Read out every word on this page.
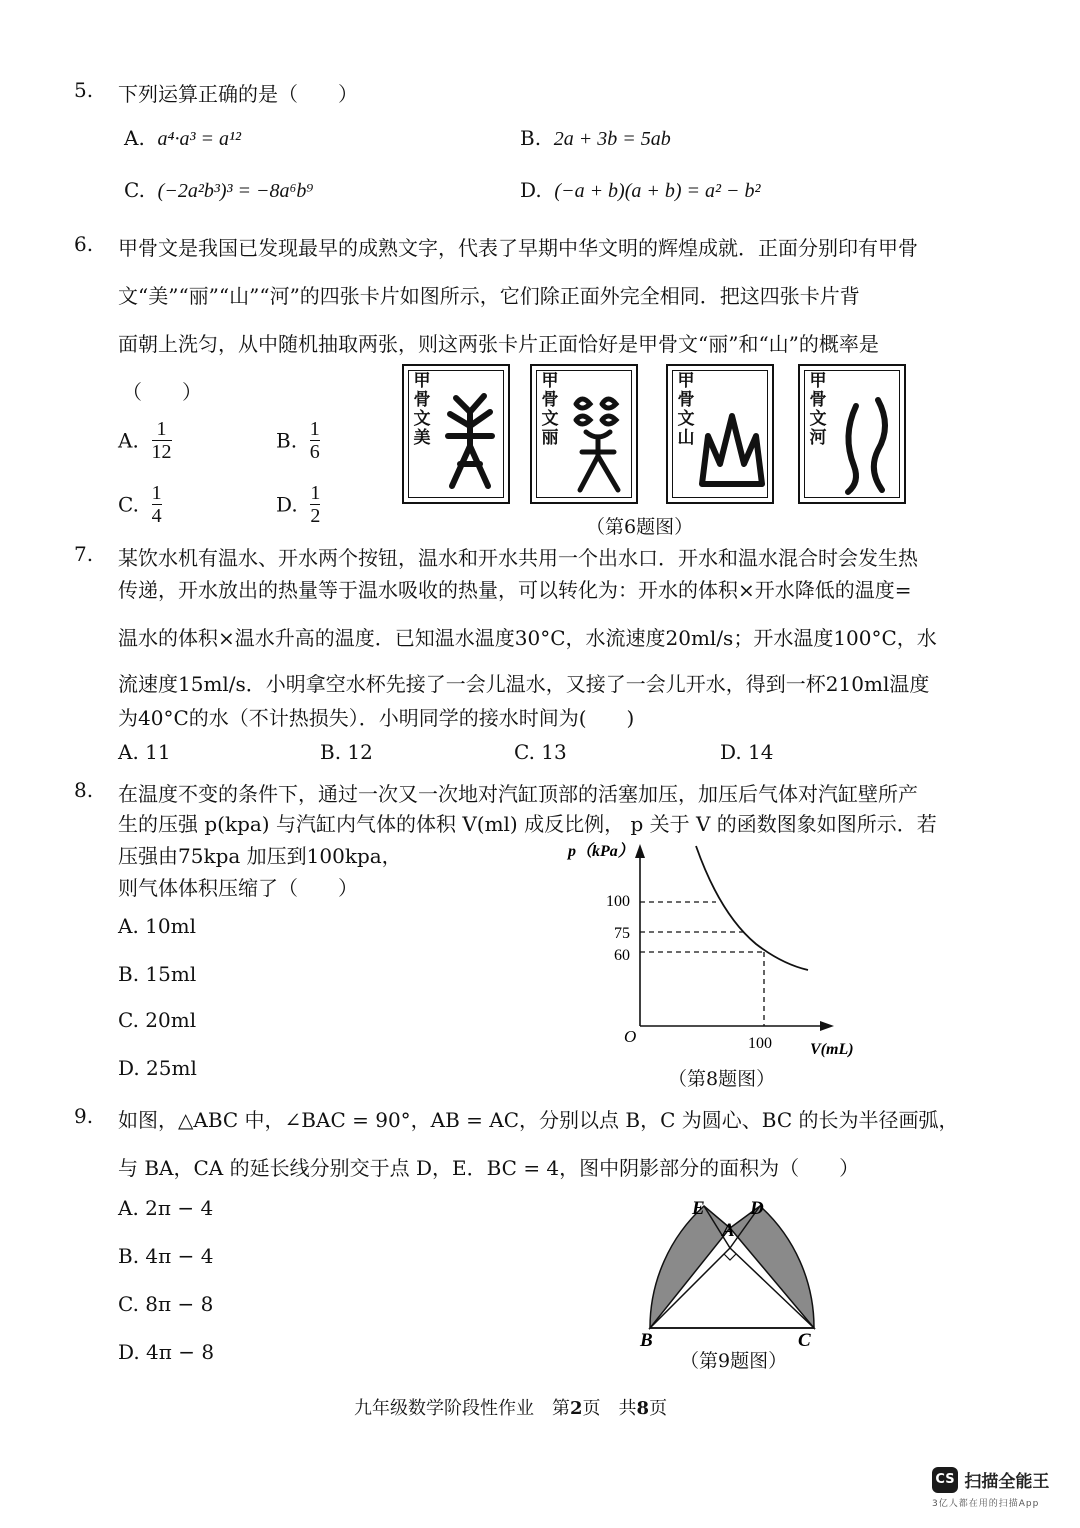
5. 下列运算正确的是（　　）
A. a⁴·a³ = a¹²	B. 2a + 3b = 5ab
C. (−2a²b³)³ = −8a⁶b⁹	D. (−a + b)(a + b) = a² − b²
6. 甲骨文是我国已发现最早的成熟文字，代表了早期中华文明的辉煌成就．正面分别印有甲骨
文“美”“丽”“山”“河”的四张卡片如图所示，它们除正面外完全相同．把这四张卡片背
面朝上洗匀，从中随机抽取两张，则这两张卡片正面恰好是甲骨文“丽”和“山”的概率是
（　　）
A. $\frac{1}{12}$	B. $\frac{1}{6}$
C. $\frac{1}{4}$	D. $\frac{1}{2}$
甲骨文美
甲骨文丽
甲骨文山
甲骨文河
（第6题图）
7. 某饮水机有温水、开水两个按钮，温水和开水共用一个出水口．开水和温水混合时会发生热
传递，开水放出的热量等于温水吸收的热量，可以转化为：开水的体积×开水降低的温度=
温水的体积×温水升高的温度．已知温水温度30°C，水流速度20ml/s；开水温度100°C，水
流速度15ml/s．小明拿空水杯先接了一会儿温水，又接了一会儿开水，得到一杯210ml温度
为40°C的水（不计热损失）．小明同学的接水时间为(　　)
A. 11	B. 12	C. 13	D. 14
8. 在温度不变的条件下，通过一次又一次地对汽缸顶部的活塞加压，加压后气体对汽缸壁所产
生的压强 p(kpa) 与汽缸内气体的体积 V(ml) 成反比例， p 关于 V 的函数图象如图所示．若
压强由75kpa 加压到100kpa，
则气体体积压缩了（　　）
A. 10ml
B. 15ml
C. 20ml
D. 25ml
p（kPa）
100
75
60
O	100 V(mL)
（第8题图）
9. 如图，△ABC 中，∠BAC = 90°，AB = AC，分别以点 B，C 为圆心、BC 的长为半径画弧，
与 BA，CA 的延长线分别交于点 D，E．BC = 4，图中阴影部分的面积为（　　）
A. 2π − 4
B. 4π − 4
C. 8π − 8
D. 4π − 8
E D
A
B	C
（第9题图）
九年级数学阶段性作业　第2页　共8页
CS 扫描全能王
3亿人都在用的扫描App
